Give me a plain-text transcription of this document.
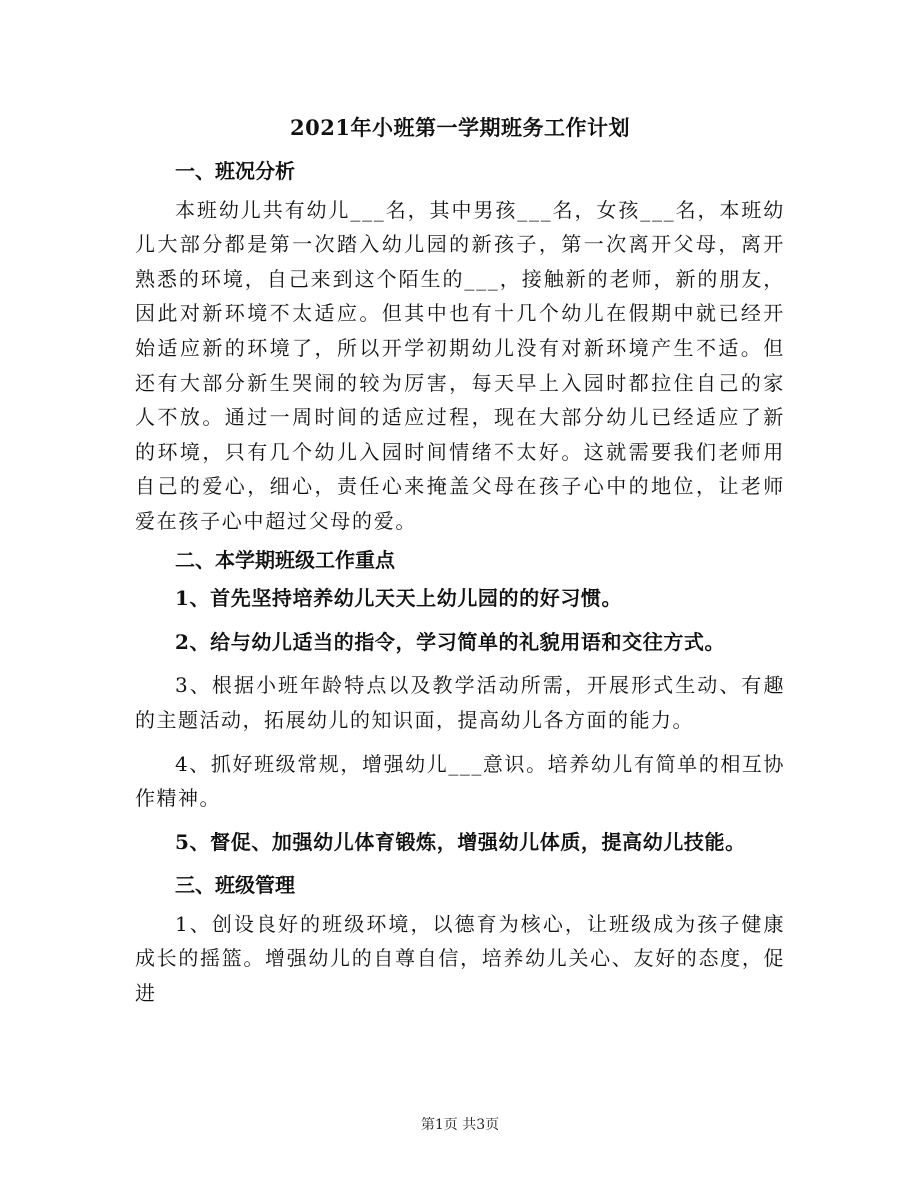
2021年小班第一学期班务工作计划

一、班况分析

本班幼儿共有幼儿___名，其中男孩___名，女孩___名，本班幼儿大部分都是第一次踏入幼儿园的新孩子，第一次离开父母，离开熟悉的环境，自己来到这个陌生的___，接触新的老师，新的朋友，因此对新环境不太适应。但其中也有十几个幼儿在假期中就已经开始适应新的环境了，所以开学初期幼儿没有对新环境产生不适。但还有大部分新生哭闹的较为厉害，每天早上入园时都拉住自己的家人不放。通过一周时间的适应过程，现在大部分幼儿已经适应了新的环境，只有几个幼儿入园时间情绪不太好。这就需要我们老师用自己的爱心，细心，责任心来掩盖父母在孩子心中的地位，让老师爱在孩子心中超过父母的爱。

二、本学期班级工作重点

1、首先坚持培养幼儿天天上幼儿园的的好习惯。

2、给与幼儿适当的指令，学习简单的礼貌用语和交往方式。

3、根据小班年龄特点以及教学活动所需，开展形式生动、有趣的主题活动，拓展幼儿的知识面，提高幼儿各方面的能力。

4、抓好班级常规，增强幼儿___意识。培养幼儿有简单的相互协作精神。

5、督促、加强幼儿体育锻炼，增强幼儿体质，提高幼儿技能。

三、班级管理

1、创设良好的班级环境，以德育为核心，让班级成为孩子健康成长的摇篮。增强幼儿的自尊自信，培养幼儿关心、友好的态度，促进

第1页 共3页
